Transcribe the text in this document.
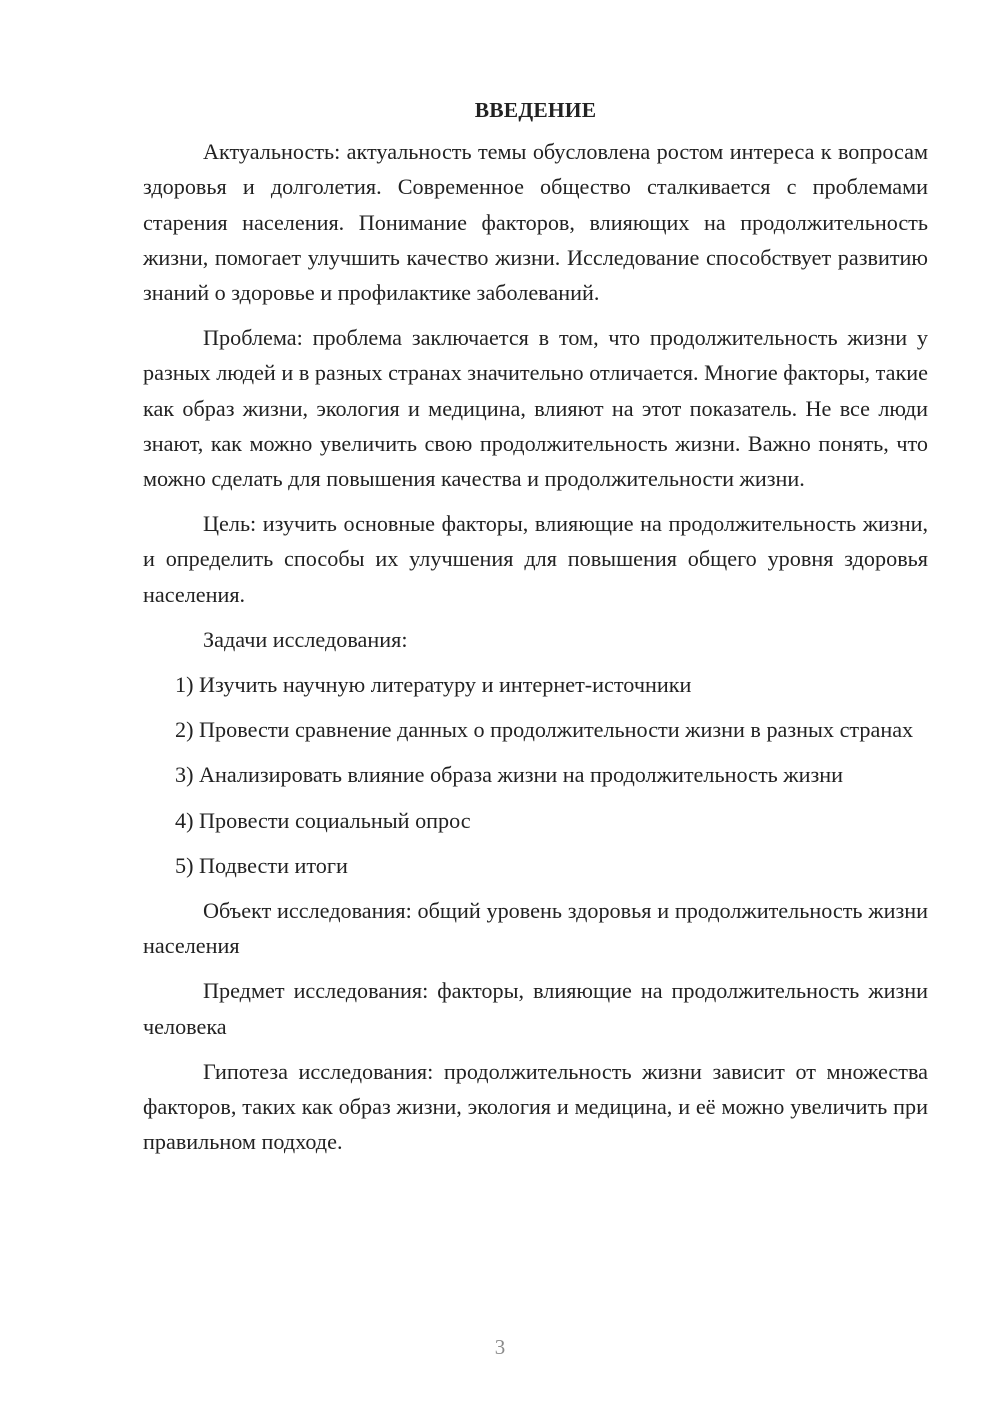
ВВЕДЕНИЕ

Актуальность: актуальность темы обусловлена ростом интереса к вопросам здоровья и долголетия. Современное общество сталкивается с проблемами старения населения. Понимание факторов, влияющих на продолжительность жизни, помогает улучшить качество жизни. Исследование способствует развитию знаний о здоровье и профилактике заболеваний.

Проблема: проблема заключается в том, что продолжительность жизни у разных людей и в разных странах значительно отличается. Многие факторы, такие как образ жизни, экология и медицина, влияют на этот показатель. Не все люди знают, как можно увеличить свою продолжительность жизни. Важно понять, что можно сделать для повышения качества и продолжительности жизни.

Цель: изучить основные факторы, влияющие на продолжительность жизни, и определить способы их улучшения для повышения общего уровня здоровья населения.

Задачи исследования:

1) Изучить научную литературу и интернет-источники

2) Провести сравнение данных о продолжительности жизни в разных странах

3) Анализировать влияние образа жизни на продолжительность жизни

4) Провести социальный опрос

5) Подвести итоги

Объект исследования: общий уровень здоровья и продолжительность жизни населения

Предмет исследования: факторы, влияющие на продолжительность жизни человека

Гипотеза исследования: продолжительность жизни зависит от множества факторов, таких как образ жизни, экология и медицина, и её можно увеличить при правильном подходе.

3
